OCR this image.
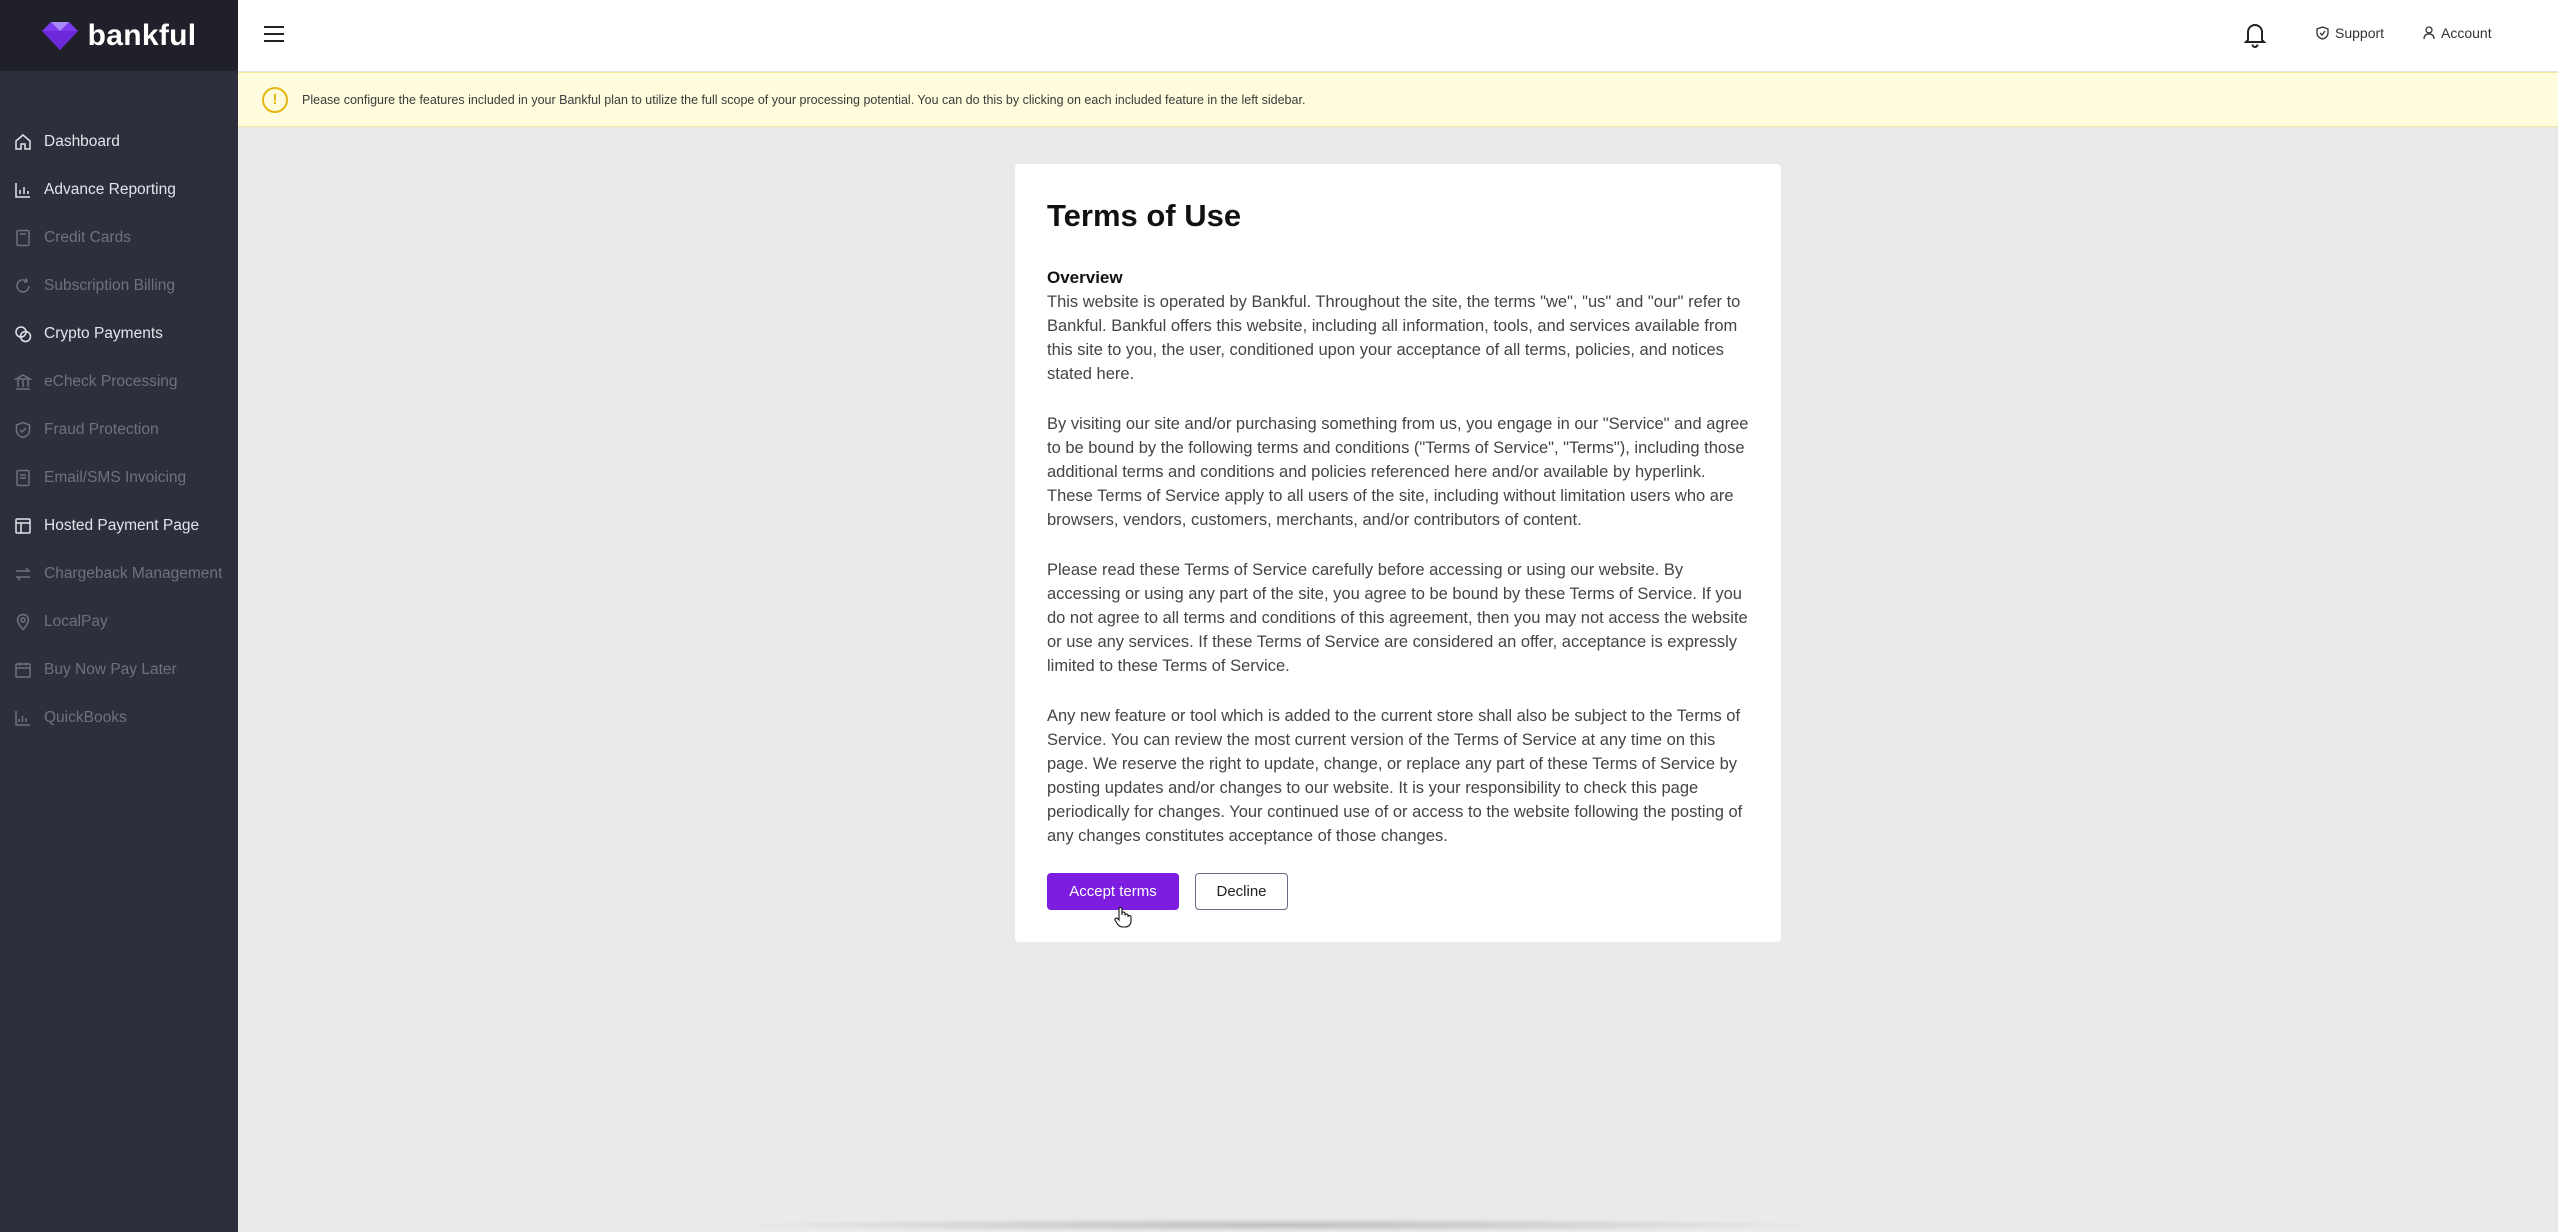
bankful
Dashboard
Advance Reporting
Credit Cards
Subscription Billing
Crypto Payments
eCheck Processing
Fraud Protection
Email/SMS Invoicing
Hosted Payment Page
Chargeback Management
LocalPay
Buy Now Pay Later
QuickBooks
Support	Account
!	Please configure the features included in your Bankful plan to utilize the full scope of your processing potential. You can do this by clicking on each included feature in the left sidebar.
Terms of Use
Overview

This website is operated by Bankful. Throughout the site, the terms "we", "us" and "our" refer to Bankful. Bankful offers this website, including all information, tools, and services available from this site to you, the user, conditioned upon your acceptance of all terms, policies, and notices stated here.

By visiting our site and/or purchasing something from us, you engage in our "Service" and agree to be bound by the following terms and conditions ("Terms of Service", "Terms"), including those additional terms and conditions and policies referenced here and/or available by hyperlink. These Terms of Service apply to all users of the site, including without limitation users who are browsers, vendors, customers, merchants, and/or contributors of content.

Please read these Terms of Service carefully before accessing or using our website. By accessing or using any part of the site, you agree to be bound by these Terms of Service. If you do not agree to all terms and conditions of this agreement, then you may not access the website or use any services. If these Terms of Service are considered an offer, acceptance is expressly limited to these Terms of Service.

Any new feature or tool which is added to the current store shall also be subject to the Terms of Service. You can review the most current version of the Terms of Service at any time on this page. We reserve the right to update, change, or replace any part of these Terms of Service by posting updates and/or changes to our website. It is your responsibility to check this page periodically for changes. Your continued use of or access to the website following the posting of any changes constitutes acceptance of those changes.

Accept terms	Decline
